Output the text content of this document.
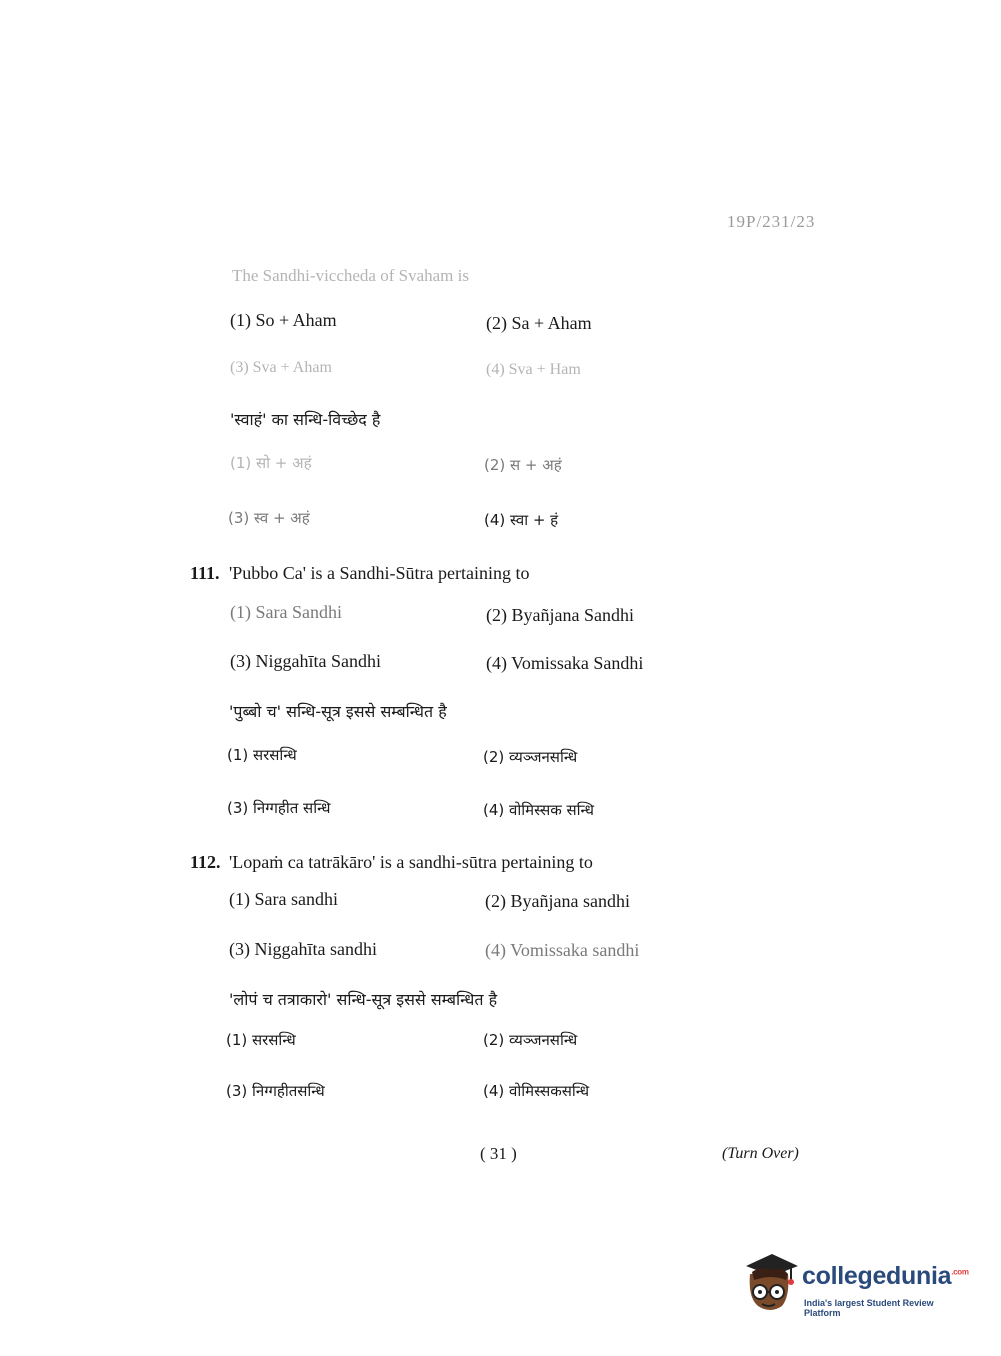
19P/231/23
The Sandhi-viccheda of Svaham is
(1) So + Aham	(2) Sa + Aham
(3) Sva + Aham	(4) Sva + Ham
'स्वाहं' का सन्धि-विच्छेद है
(1) सो + अहं	(2) स + अहं
(3) स्व + अहं	(4) स्वा + हं
111. 'Pubbo Ca' is a Sandhi-Sūtra pertaining to
(1) Sara Sandhi	(2) Byañjana Sandhi
(3) Niggahīta Sandhi	(4) Vomissaka Sandhi
'पुब्बो च' सन्धि-सूत्र इससे सम्बन्धित है
(1) सरसन्धि	(2) व्यञ्जनसन्धि
(3) निग्गहीत सन्धि	(4) वोमिस्सक सन्धि
112. 'Lopaṁ ca tatrākāro' is a sandhi-sūtra pertaining to
(1) Sara sandhi	(2) Byañjana sandhi
(3) Niggahīta sandhi	(4) Vomissaka sandhi
'लोपं च तत्राकारो' सन्धि-सूत्र इससे सम्बन्धित है
(1) सरसन्धि	(2) व्यञ्जनसन्धि
(3) निग्गहीतसन्धि	(4) वोमिस्सकसन्धि
( 31 )	(Turn Over)
collegedunia$^{.com}$
India's largest Student Review Platform
